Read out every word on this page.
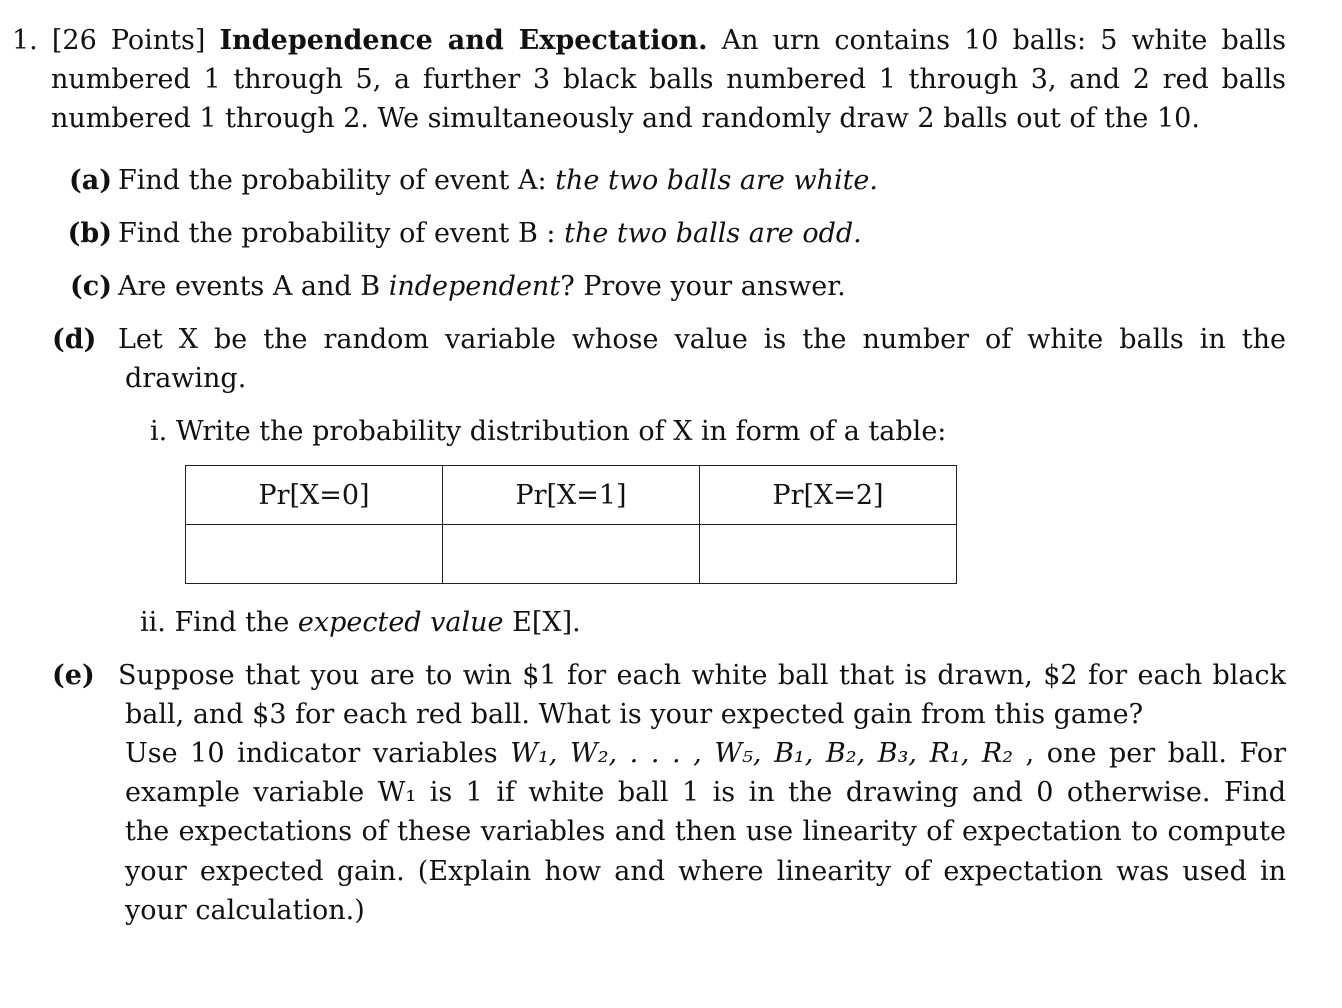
1. [26 Points] Independence and Expectation. An urn contains 10 balls: 5 white balls
numbered 1 through 5, a further 3 black balls numbered 1 through 3, and 2 red balls
numbered 1 through 2. We simultaneously and randomly draw 2 balls out of the 10.
(a) Find the probability of event A: the two balls are white.
(b) Find the probability of event B : the two balls are odd.
(c) Are events A and B independent? Prove your answer.
(d) Let X be the random variable whose value is the number of white balls in the
drawing.
i. Write the probability distribution of X in form of a table:
Pr[X=0]	Pr[X=1]	Pr[X=2]

ii. Find the expected value E[X].
(e) Suppose that you are to win $1 for each white ball that is drawn, $2 for each black
ball, and $3 for each red ball. What is your expected gain from this game?
Use 10 indicator variables W₁, W₂, . . . , W₅, B₁, B₂, B₃, R₁, R₂ , one per ball. For
example variable W₁ is 1 if white ball 1 is in the drawing and 0 otherwise. Find
the expectations of these variables and then use linearity of expectation to compute
your expected gain. (Explain how and where linearity of expectation was used in
your calculation.)
